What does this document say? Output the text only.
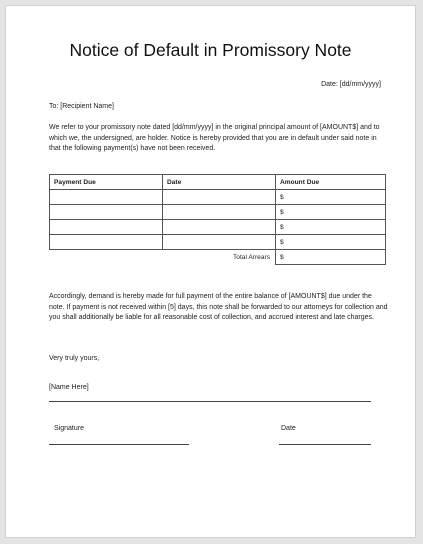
Notice of Default in Promissory Note
Date: [dd/mm/yyyy]
To: [Recipient Name]
We refer to your promissory note dated [dd/mm/yyyy] in the original principal amount of [AMOUNT$] and to which we, the undersigned, are holder. Notice is hereby provided that you are in default under said note in that the following payment(s) have not been received.
Payment Due	Date	Amount Due
		$
		$
		$
		$
	Total Arrears	$
Accordingly, demand is hereby made for full payment of the entire balance of [AMOUNT$] due under the note. If payment is not received within [5] days, this note shall be forwarded to our attorneys for collection and you shall additionally be liable for all reasonable cost of collection, and accrued interest and late charges.
Very truly yours,
[Name Here]
Signature	Date
